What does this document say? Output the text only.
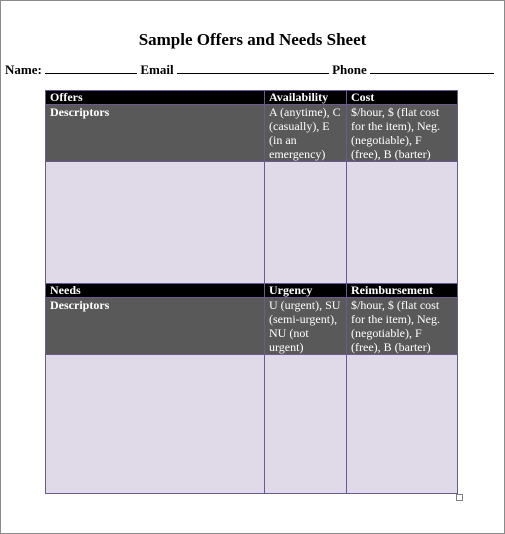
Sample Offers and Needs Sheet
Name:	Email	Phone
Offers	Availability	Cost
Descriptors	A (anytime), C (casually), E (in an emergency)	$/hour, $ (flat cost for the item), Neg. (negotiable), F (free), B (barter)

Needs	Urgency	Reimbursement
Descriptors	U (urgent), SU (semi-urgent), NU (not urgent)	$/hour, $ (flat cost for the item), Neg. (negotiable), F (free), B (barter)
